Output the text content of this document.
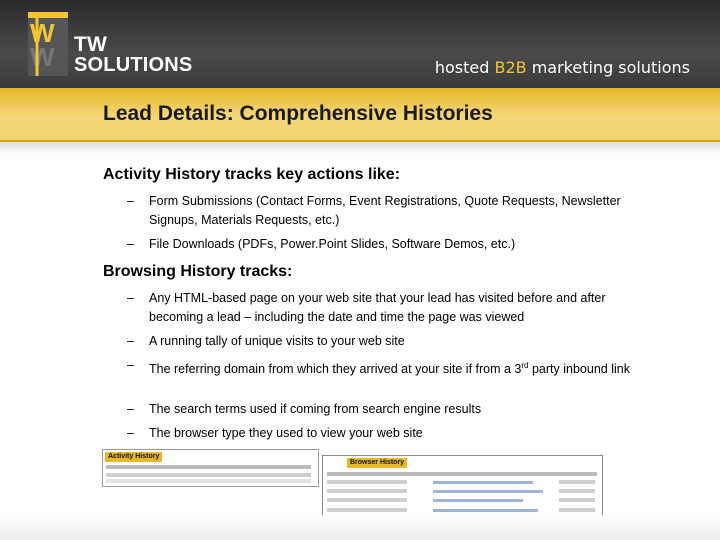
W
W TW
SOLUTIONS	hosted B2B marketing solutions
Lead Details: Comprehensive Histories
Activity History tracks key actions like:
– Form Submissions (Contact Forms, Event Registrations, Quote Requests, Newsletter Signups, Materials Requests, etc.)
– File Downloads (PDFs, Power.Point Slides, Software Demos, etc.)
Browsing History tracks:
– Any HTML-based page on your web site that your lead has visited before and after becoming a lead – including the date and time the page was viewed
– A running tally of unique visits to your web site
– The referring domain from which they arrived at your site if from a 3rd party inbound link
– The search terms used if coming from search engine results
– The browser type they used to view your web site
Activity History
Browser History
